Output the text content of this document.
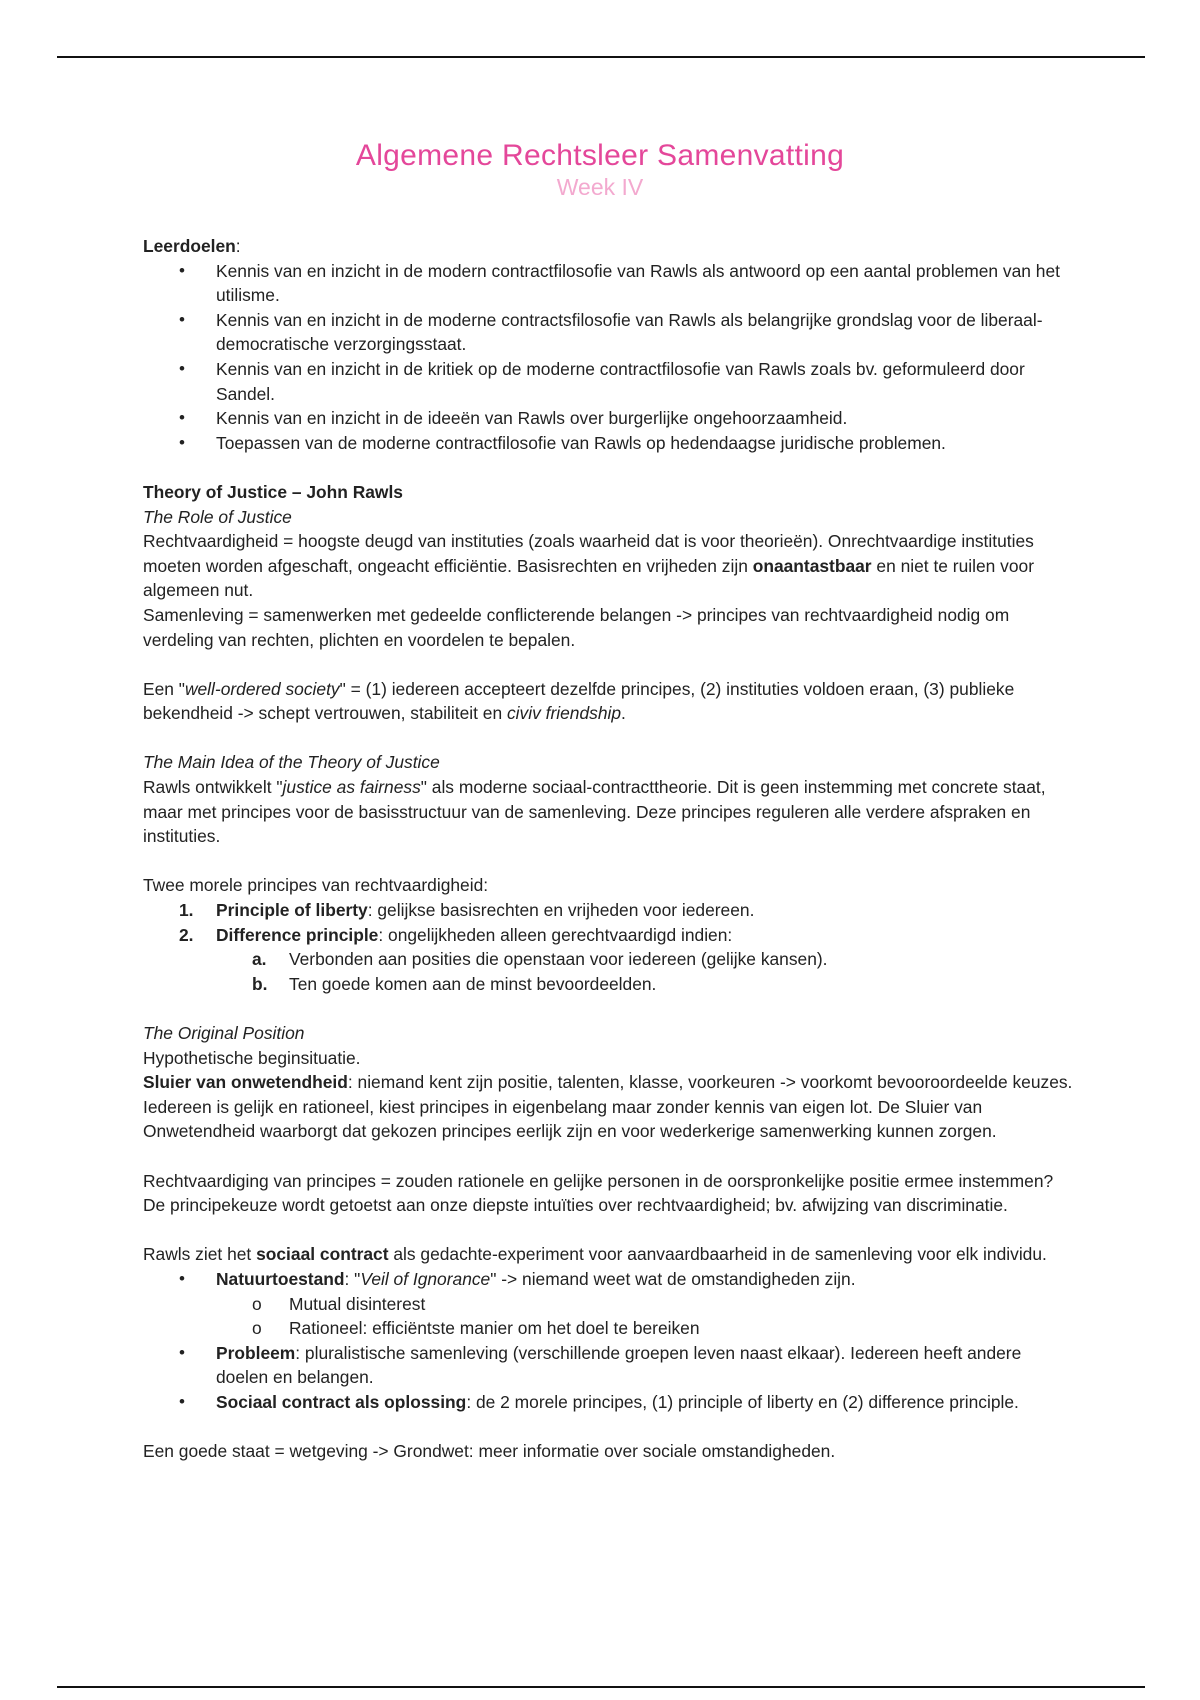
Algemene Rechtsleer Samenvatting
Week IV

Leerdoelen:

• Kennis van en inzicht in de modern contractfilosofie van Rawls als antwoord op een aantal problemen van het utilisme.
• Kennis van en inzicht in de moderne contractsfilosofie van Rawls als belangrijke grondslag voor de liberaal-democratische verzorgingsstaat.
• Kennis van en inzicht in de kritiek op de moderne contractfilosofie van Rawls zoals bv. geformuleerd door Sandel.
• Kennis van en inzicht in de ideeën van Rawls over burgerlijke ongehoorzaamheid.
• Toepassen van de moderne contractfilosofie van Rawls op hedendaagse juridische problemen.

Theory of Justice – John Rawls

The Role of Justice

Rechtvaardigheid = hoogste deugd van instituties (zoals waarheid dat is voor theorieën). Onrechtvaardige instituties moeten worden afgeschaft, ongeacht efficiëntie. Basisrechten en vrijheden zijn onaantastbaar en niet te ruilen voor algemeen nut.

Samenleving = samenwerken met gedeelde conflicterende belangen -> principes van rechtvaardigheid nodig om verdeling van rechten, plichten en voordelen te bepalen.

Een "well-ordered society" = (1) iedereen accepteert dezelfde principes, (2) instituties voldoen eraan, (3) publieke bekendheid -> schept vertrouwen, stabiliteit en civiv friendship.

The Main Idea of the Theory of Justice

Rawls ontwikkelt "justice as fairness" als moderne sociaal-contracttheorie. Dit is geen instemming met concrete staat, maar met principes voor de basisstructuur van de samenleving. Deze principes reguleren alle verdere afspraken en instituties.

Twee morele principes van rechtvaardigheid:

1. Principle of liberty: gelijkse basisrechten en vrijheden voor iedereen.
2. Difference principle: ongelijkheden alleen gerechtvaardigd indien:
a. Verbonden aan posities die openstaan voor iedereen (gelijke kansen).
b. Ten goede komen aan de minst bevoordeelden.

The Original Position

Hypothetische beginsituatie.

Sluier van onwetendheid: niemand kent zijn positie, talenten, klasse, voorkeuren -> voorkomt bevooroordeelde keuzes. Iedereen is gelijk en rationeel, kiest principes in eigenbelang maar zonder kennis van eigen lot. De Sluier van Onwetendheid waarborgt dat gekozen principes eerlijk zijn en voor wederkerige samenwerking kunnen zorgen.

Rechtvaardiging van principes = zouden rationele en gelijke personen in de oorspronkelijke positie ermee instemmen? De principekeuze wordt getoetst aan onze diepste intuïties over rechtvaardigheid; bv. afwijzing van discriminatie.

Rawls ziet het sociaal contract als gedachte-experiment voor aanvaardbaarheid in de samenleving voor elk individu.

• Natuurtoestand: "Veil of Ignorance" -> niemand weet wat de omstandigheden zijn.
o Mutual disinterest
o Rationeel: efficiëntste manier om het doel te bereiken
• Probleem: pluralistische samenleving (verschillende groepen leven naast elkaar). Iedereen heeft andere doelen en belangen.
• Sociaal contract als oplossing: de 2 morele principes, (1) principle of liberty en (2) difference principle.

Een goede staat = wetgeving -> Grondwet: meer informatie over sociale omstandigheden.
